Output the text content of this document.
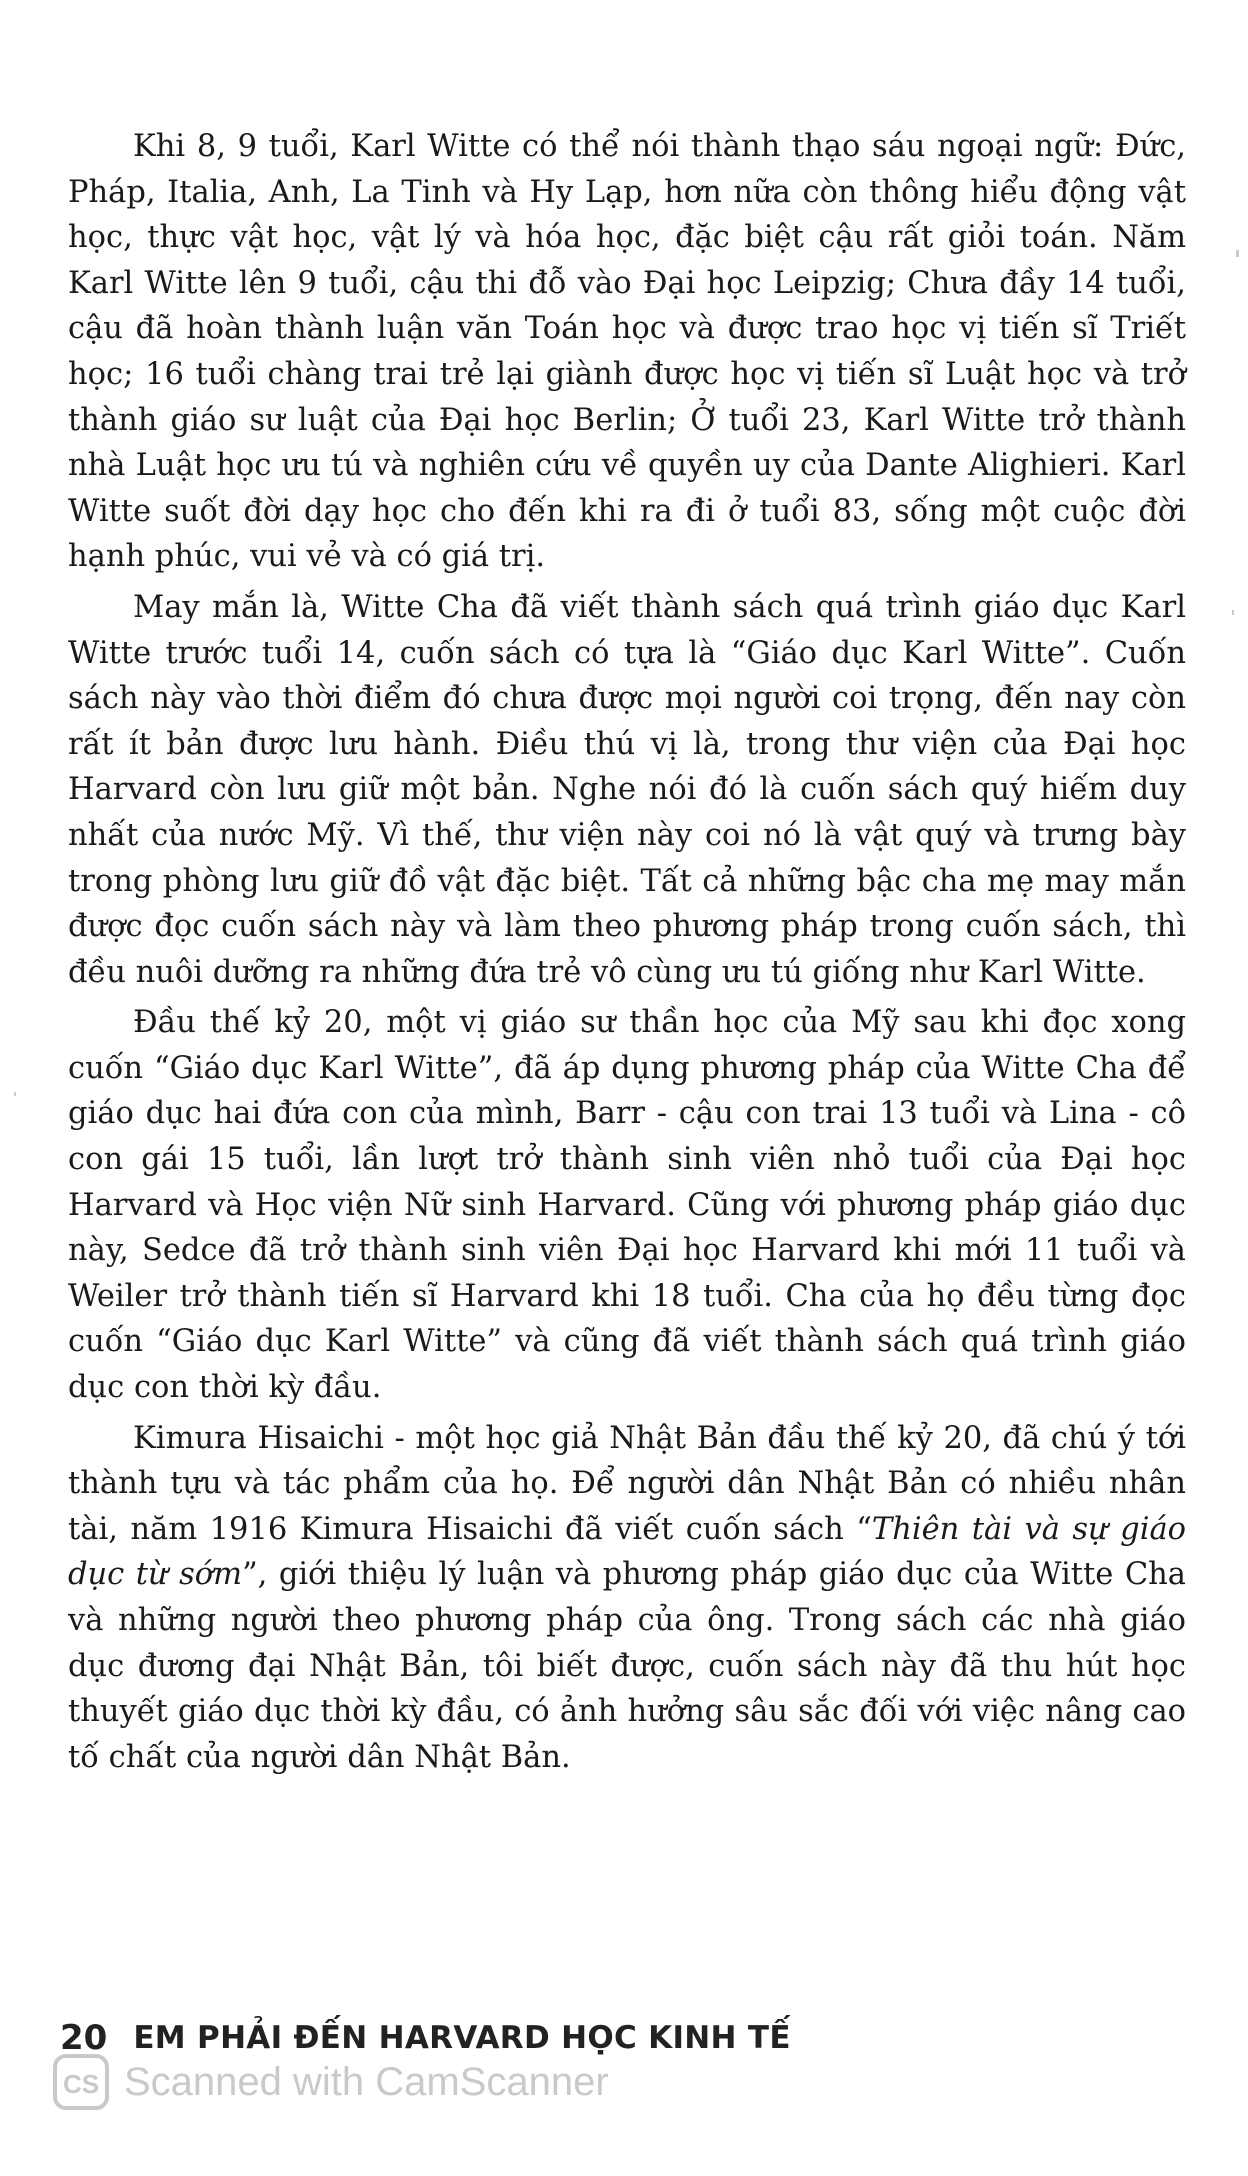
Khi 8, 9 tuổi, Karl Witte có thể nói thành thạo sáu ngoại ngữ: Đức, Pháp, Italia, Anh, La Tinh và Hy Lạp, hơn nữa còn thông hiểu động vật học, thực vật học, vật lý và hóa học, đặc biệt cậu rất giỏi toán. Năm Karl Witte lên 9 tuổi, cậu thi đỗ vào Đại học Leipzig; Chưa đầy 14 tuổi, cậu đã hoàn thành luận văn Toán học và được trao học vị tiến sĩ Triết học; 16 tuổi chàng trai trẻ lại giành được học vị tiến sĩ Luật học và trở thành giáo sư luật của Đại học Berlin; Ở tuổi 23, Karl Witte trở thành nhà Luật học ưu tú và nghiên cứu về quyền uy của Dante Alighieri. Karl Witte suốt đời dạy học cho đến khi ra đi ở tuổi 83, sống một cuộc đời hạnh phúc, vui vẻ và có giá trị.

May mắn là, Witte Cha đã viết thành sách quá trình giáo dục Karl Witte trước tuổi 14, cuốn sách có tựa là “Giáo dục Karl Witte”. Cuốn sách này vào thời điểm đó chưa được mọi người coi trọng, đến nay còn rất ít bản được lưu hành. Điều thú vị là, trong thư viện của Đại học Harvard còn lưu giữ một bản. Nghe nói đó là cuốn sách quý hiếm duy nhất của nước Mỹ. Vì thế, thư viện này coi nó là vật quý và trưng bày trong phòng lưu giữ đồ vật đặc biệt. Tất cả những bậc cha mẹ may mắn được đọc cuốn sách này và làm theo phương pháp trong cuốn sách, thì đều nuôi dưỡng ra những đứa trẻ vô cùng ưu tú giống như Karl Witte.

Đầu thế kỷ 20, một vị giáo sư thần học của Mỹ sau khi đọc xong cuốn “Giáo dục Karl Witte”, đã áp dụng phương pháp của Witte Cha để giáo dục hai đứa con của mình, Barr - cậu con trai 13 tuổi và Lina - cô con gái 15 tuổi, lần lượt trở thành sinh viên nhỏ tuổi của Đại học Harvard và Học viện Nữ sinh Harvard. Cũng với phương pháp giáo dục này, Sedce đã trở thành sinh viên Đại học Harvard khi mới 11 tuổi và Weiler trở thành tiến sĩ Harvard khi 18 tuổi. Cha của họ đều từng đọc cuốn “Giáo dục Karl Witte” và cũng đã viết thành sách quá trình giáo dục con thời kỳ đầu.

Kimura Hisaichi - một học giả Nhật Bản đầu thế kỷ 20, đã chú ý tới thành tựu và tác phẩm của họ. Để người dân Nhật Bản có nhiều nhân tài, năm 1916 Kimura Hisaichi đã viết cuốn sách “Thiên tài và sự giáo dục từ sớm”, giới thiệu lý luận và phương pháp giáo dục của Witte Cha và những người theo phương pháp của ông. Trong sách các nhà giáo dục đương đại Nhật Bản, tôi biết được, cuốn sách này đã thu hút học thuyết giáo dục thời kỳ đầu, có ảnh hưởng sâu sắc đối với việc nâng cao tố chất của người dân Nhật Bản.

20 EM PHẢI ĐẾN HARVARD HỌC KINH TẾ
CS Scanned with CamScanner
